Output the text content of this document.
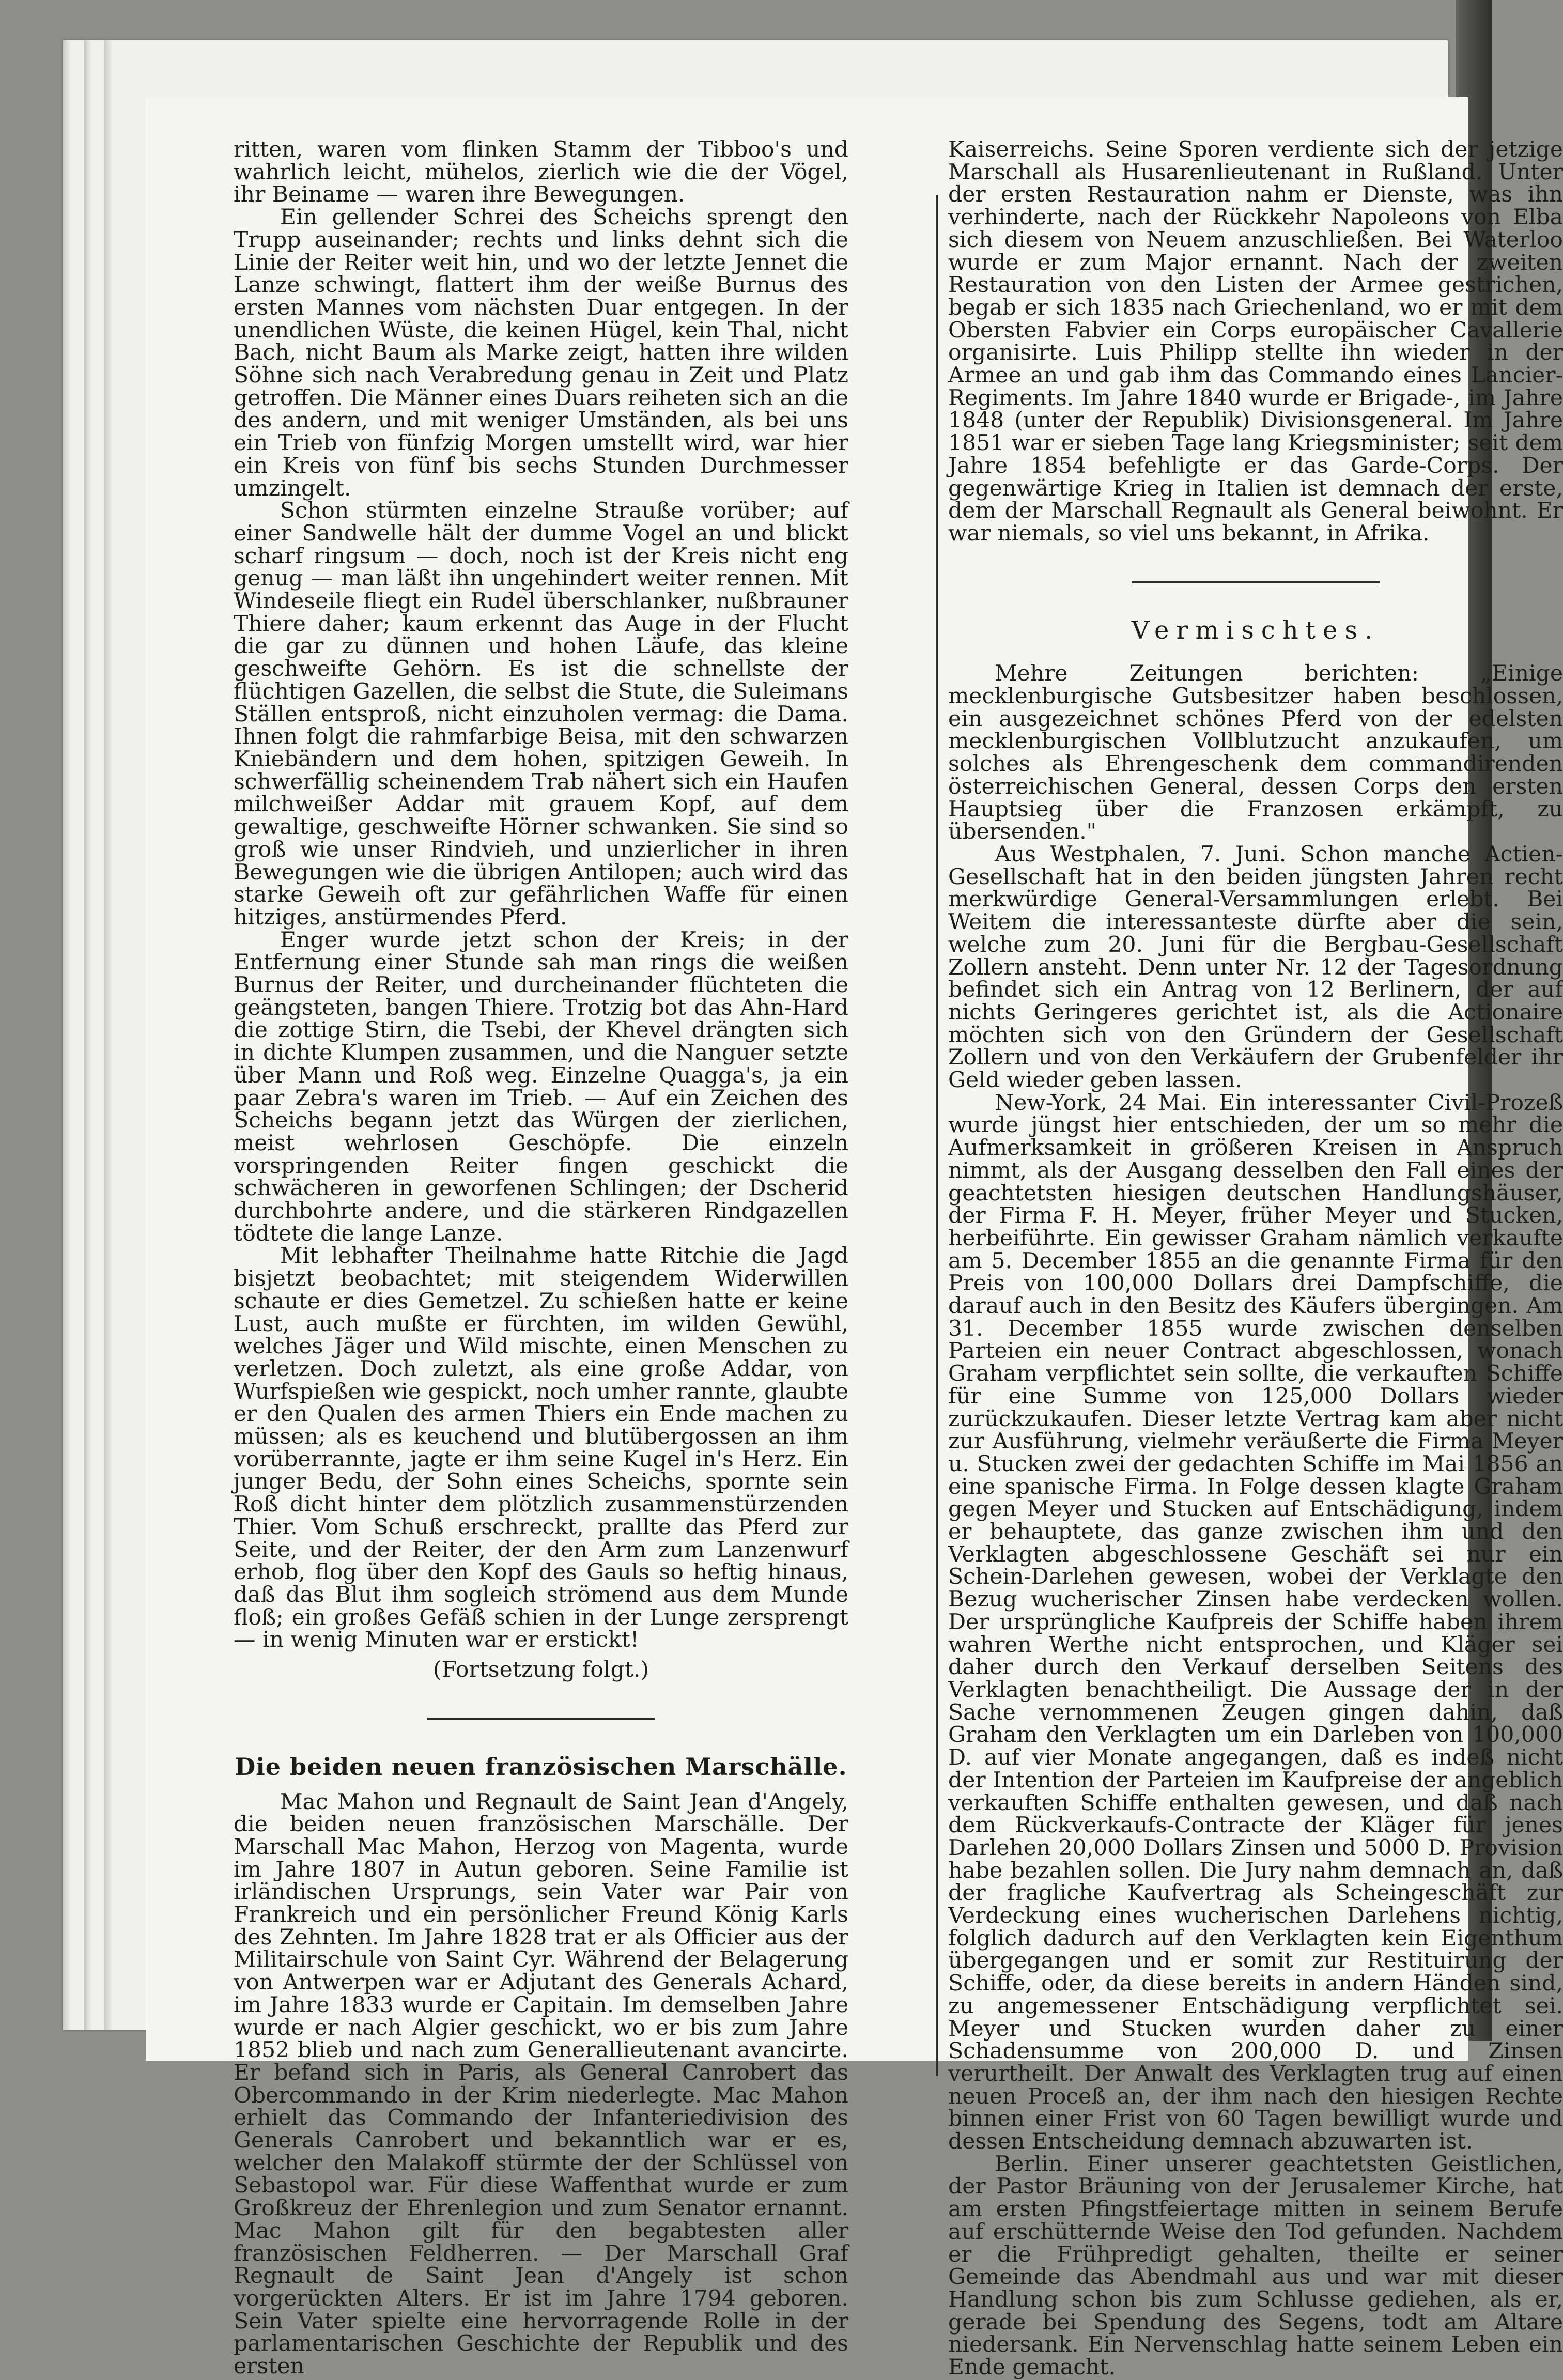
ritten, waren vom flinken Stamm der Tibboo's und wahrlich leicht, mühelos, zierlich wie die der Vögel, ihr Beiname — waren ihre Bewegungen.

Ein gellender Schrei des Scheichs sprengt den Trupp auseinander; rechts und links dehnt sich die Linie der Reiter weit hin, und wo der letzte Jennet die Lanze schwingt, flattert ihm der weiße Burnus des ersten Mannes vom nächsten Duar entgegen. In der unendlichen Wüste, die keinen Hügel, kein Thal, nicht Bach, nicht Baum als Marke zeigt, hatten ihre wilden Söhne sich nach Verabredung genau in Zeit und Platz getroffen. Die Männer eines Duars reiheten sich an die des andern, und mit weniger Umständen, als bei uns ein Trieb von fünfzig Morgen umstellt wird, war hier ein Kreis von fünf bis sechs Stunden Durchmesser umzingelt.

Schon stürmten einzelne Strauße vorüber; auf einer Sandwelle hält der dumme Vogel an und blickt scharf ringsum — doch, noch ist der Kreis nicht eng genug — man läßt ihn ungehindert weiter rennen. Mit Windeseile fliegt ein Rudel überschlanker, nußbrauner Thiere daher; kaum erkennt das Auge in der Flucht die gar zu dünnen und hohen Läufe, das kleine geschweifte Gehörn. Es ist die schnellste der flüchtigen Gazellen, die selbst die Stute, die Suleimans Ställen entsproß, nicht einzuholen vermag: die Dama. Ihnen folgt die rahmfarbige Beisa, mit den schwarzen Kniebändern und dem hohen, spitzigen Geweih. In schwerfällig scheinendem Trab nähert sich ein Haufen milchweißer Addar mit grauem Kopf, auf dem gewaltige, geschweifte Hörner schwanken. Sie sind so groß wie unser Rindvieh, und unzierlicher in ihren Bewegungen wie die übrigen Antilopen; auch wird das starke Geweih oft zur gefährlichen Waffe für einen hitziges, anstürmendes Pferd.

Enger wurde jetzt schon der Kreis; in der Entfernung einer Stunde sah man rings die weißen Burnus der Reiter, und durcheinander flüchteten die geängsteten, bangen Thiere. Trotzig bot das Ahn-Hard die zottige Stirn, die Tsebi, der Khevel drängten sich in dichte Klumpen zusammen, und die Nanguer setzte über Mann und Roß weg. Einzelne Quagga's, ja ein paar Zebra's waren im Trieb. — Auf ein Zeichen des Scheichs begann jetzt das Würgen der zierlichen, meist wehrlosen Geschöpfe. Die einzeln vorspringenden Reiter fingen geschickt die schwächeren in geworfenen Schlingen; der Dscherid durchbohrte andere, und die stärkeren Rindgazellen tödtete die lange Lanze.

Mit lebhafter Theilnahme hatte Ritchie die Jagd bisjetzt beobachtet; mit steigendem Widerwillen schaute er dies Gemetzel. Zu schießen hatte er keine Lust, auch mußte er fürchten, im wilden Gewühl, welches Jäger und Wild mischte, einen Menschen zu verletzen. Doch zuletzt, als eine große Addar, von Wurfspießen wie gespickt, noch umher rannte, glaubte er den Qualen des armen Thiers ein Ende machen zu müssen; als es keuchend und blutübergossen an ihm vorüberrannte, jagte er ihm seine Kugel in's Herz. Ein junger Bedu, der Sohn eines Scheichs, spornte sein Roß dicht hinter dem plötzlich zusammenstürzenden Thier. Vom Schuß erschreckt, prallte das Pferd zur Seite, und der Reiter, der den Arm zum Lanzenwurf erhob, flog über den Kopf des Gauls so heftig hinaus, daß das Blut ihm sogleich strömend aus dem Munde floß; ein großes Gefäß schien in der Lunge zersprengt — in wenig Minuten war er erstickt!

(Fortsetzung folgt.)

Die beiden neuen französischen Marschälle.

Mac Mahon und Regnault de Saint Jean d'Angely, die beiden neuen französischen Marschälle. Der Marschall Mac Mahon, Herzog von Magenta, wurde im Jahre 1807 in Autun geboren. Seine Familie ist irländischen Ursprungs, sein Vater war Pair von Frankreich und ein persönlicher Freund König Karls des Zehnten. Im Jahre 1828 trat er als Officier aus der Militairschule von Saint Cyr. Während der Belagerung von Antwerpen war er Adjutant des Generals Achard, im Jahre 1833 wurde er Capitain. Im demselben Jahre wurde er nach Algier geschickt, wo er bis zum Jahre 1852 blieb und nach zum Generallieutenant avancirte. Er befand sich in Paris, als General Canrobert das Obercommando in der Krim niederlegte. Mac Mahon erhielt das Commando der Infanteriedivision des Generals Canrobert und bekanntlich war er es, welcher den Malakoff stürmte der der Schlüssel von Sebastopol war. Für diese Waffenthat wurde er zum Großkreuz der Ehrenlegion und zum Senator ernannt. Mac Mahon gilt für den begabtesten aller französischen Feldherren. — Der Marschall Graf Regnault de Saint Jean d'Angely ist schon vorgerückten Alters. Er ist im Jahre 1794 geboren. Sein Vater spielte eine hervorragende Rolle in der parlamentarischen Geschichte der Republik und des ersten

Kaiserreichs. Seine Sporen verdiente sich der jetzige Marschall als Husarenlieutenant in Rußland. Unter der ersten Restauration nahm er Dienste, was ihn verhinderte, nach der Rückkehr Napoleons von Elba sich diesem von Neuem anzuschließen. Bei Waterloo wurde er zum Major ernannt. Nach der zweiten Restauration von den Listen der Armee gestrichen, begab er sich 1835 nach Griechenland, wo er mit dem Obersten Fabvier ein Corps europäischer Cavallerie organisirte. Luis Philipp stellte ihn wieder in der Armee an und gab ihm das Commando eines Lancier-Regiments. Im Jahre 1840 wurde er Brigade-, im Jahre 1848 (unter der Republik) Divisionsgeneral. Im Jahre 1851 war er sieben Tage lang Kriegsminister; seit dem Jahre 1854 befehligte er das Garde-Corps. Der gegenwärtige Krieg in Italien ist demnach der erste, dem der Marschall Regnault als General beiwohnt. Er war niemals, so viel uns bekannt, in Afrika.

Vermischtes.

Mehre Zeitungen berichten: „Einige mecklenburgische Gutsbesitzer haben beschlossen, ein ausgezeichnet schönes Pferd von der edelsten mecklenburgischen Vollblutzucht anzukaufen, um solches als Ehrengeschenk dem commandirenden österreichischen General, dessen Corps den ersten Hauptsieg über die Franzosen erkämpft, zu übersenden."

Aus Westphalen, 7. Juni. Schon manche Actien-Gesellschaft hat in den beiden jüngsten Jahren recht merkwürdige General-Versammlungen erlebt. Bei Weitem die interessanteste dürfte aber die sein, welche zum 20. Juni für die Bergbau-Gesellschaft Zollern ansteht. Denn unter Nr. 12 der Tagesordnung befindet sich ein Antrag von 12 Berlinern, der auf nichts Geringeres gerichtet ist, als die Actionaire möchten sich von den Gründern der Gesellschaft Zollern und von den Verkäufern der Grubenfelder ihr Geld wieder geben lassen.

New-York, 24 Mai. Ein interessanter Civil-Prozeß wurde jüngst hier entschieden, der um so mehr die Aufmerksamkeit in größeren Kreisen in Anspruch nimmt, als der Ausgang desselben den Fall eines der geachtetsten hiesigen deutschen Handlungshäuser, der Firma F. H. Meyer, früher Meyer und Stucken, herbeiführte. Ein gewisser Graham nämlich verkaufte am 5. December 1855 an die genannte Firma für den Preis von 100,000 Dollars drei Dampfschiffe, die darauf auch in den Besitz des Käufers übergingen. Am 31. December 1855 wurde zwischen denselben Parteien ein neuer Contract abgeschlossen, wonach Graham verpflichtet sein sollte, die verkauften Schiffe für eine Summe von 125,000 Dollars wieder zurückzukaufen. Dieser letzte Vertrag kam aber nicht zur Ausführung, vielmehr veräußerte die Firma Meyer u. Stucken zwei der gedachten Schiffe im Mai 1856 an eine spanische Firma. In Folge dessen klagte Graham gegen Meyer und Stucken auf Entschädigung, indem er behauptete, das ganze zwischen ihm und den Verklagten abgeschlossene Geschäft sei nur ein Schein-Darlehen gewesen, wobei der Verklagte den Bezug wucherischer Zinsen habe verdecken wollen. Der ursprüngliche Kaufpreis der Schiffe haben ihrem wahren Werthe nicht entsprochen, und Kläger sei daher durch den Verkauf derselben Seitens des Verklagten benachtheiligt. Die Aussage der in der Sache vernommenen Zeugen gingen dahin, daß Graham den Verklagten um ein Darleben von 100,000 D. auf vier Monate angegangen, daß es indeß nicht der Intention der Parteien im Kaufpreise der angeblich verkauften Schiffe enthalten gewesen, und daß nach dem Rückverkaufs-Contracte der Kläger für jenes Darlehen 20,000 Dollars Zinsen und 5000 D. Provision habe bezahlen sollen. Die Jury nahm demnach an, daß der fragliche Kaufvertrag als Scheingeschäft zur Verdeckung eines wucherischen Darlehens nichtig, folglich dadurch auf den Verklagten kein Eigenthum übergegangen und er somit zur Restituirung der Schiffe, oder, da diese bereits in andern Händen sind, zu angemessener Entschädigung verpflichtet sei. Meyer und Stucken wurden daher zu einer Schadensumme von 200,000 D. und Zinsen verurtheilt. Der Anwalt des Verklagten trug auf einen neuen Proceß an, der ihm nach den hiesigen Rechte binnen einer Frist von 60 Tagen bewilligt wurde und dessen Entscheidung demnach abzuwarten ist.

Berlin. Einer unserer geachtetsten Geistlichen, der Pastor Bräuning von der Jerusalemer Kirche, hat am ersten Pfingstfeiertage mitten in seinem Berufe auf erschütternde Weise den Tod gefunden. Nachdem er die Frühpredigt gehalten, theilte er seiner Gemeinde das Abendmahl aus und war mit dieser Handlung schon bis zum Schlusse gediehen, als er, gerade bei Spendung des Segens, todt am Altare niedersank. Ein Nervenschlag hatte seinem Leben ein Ende gemacht.
